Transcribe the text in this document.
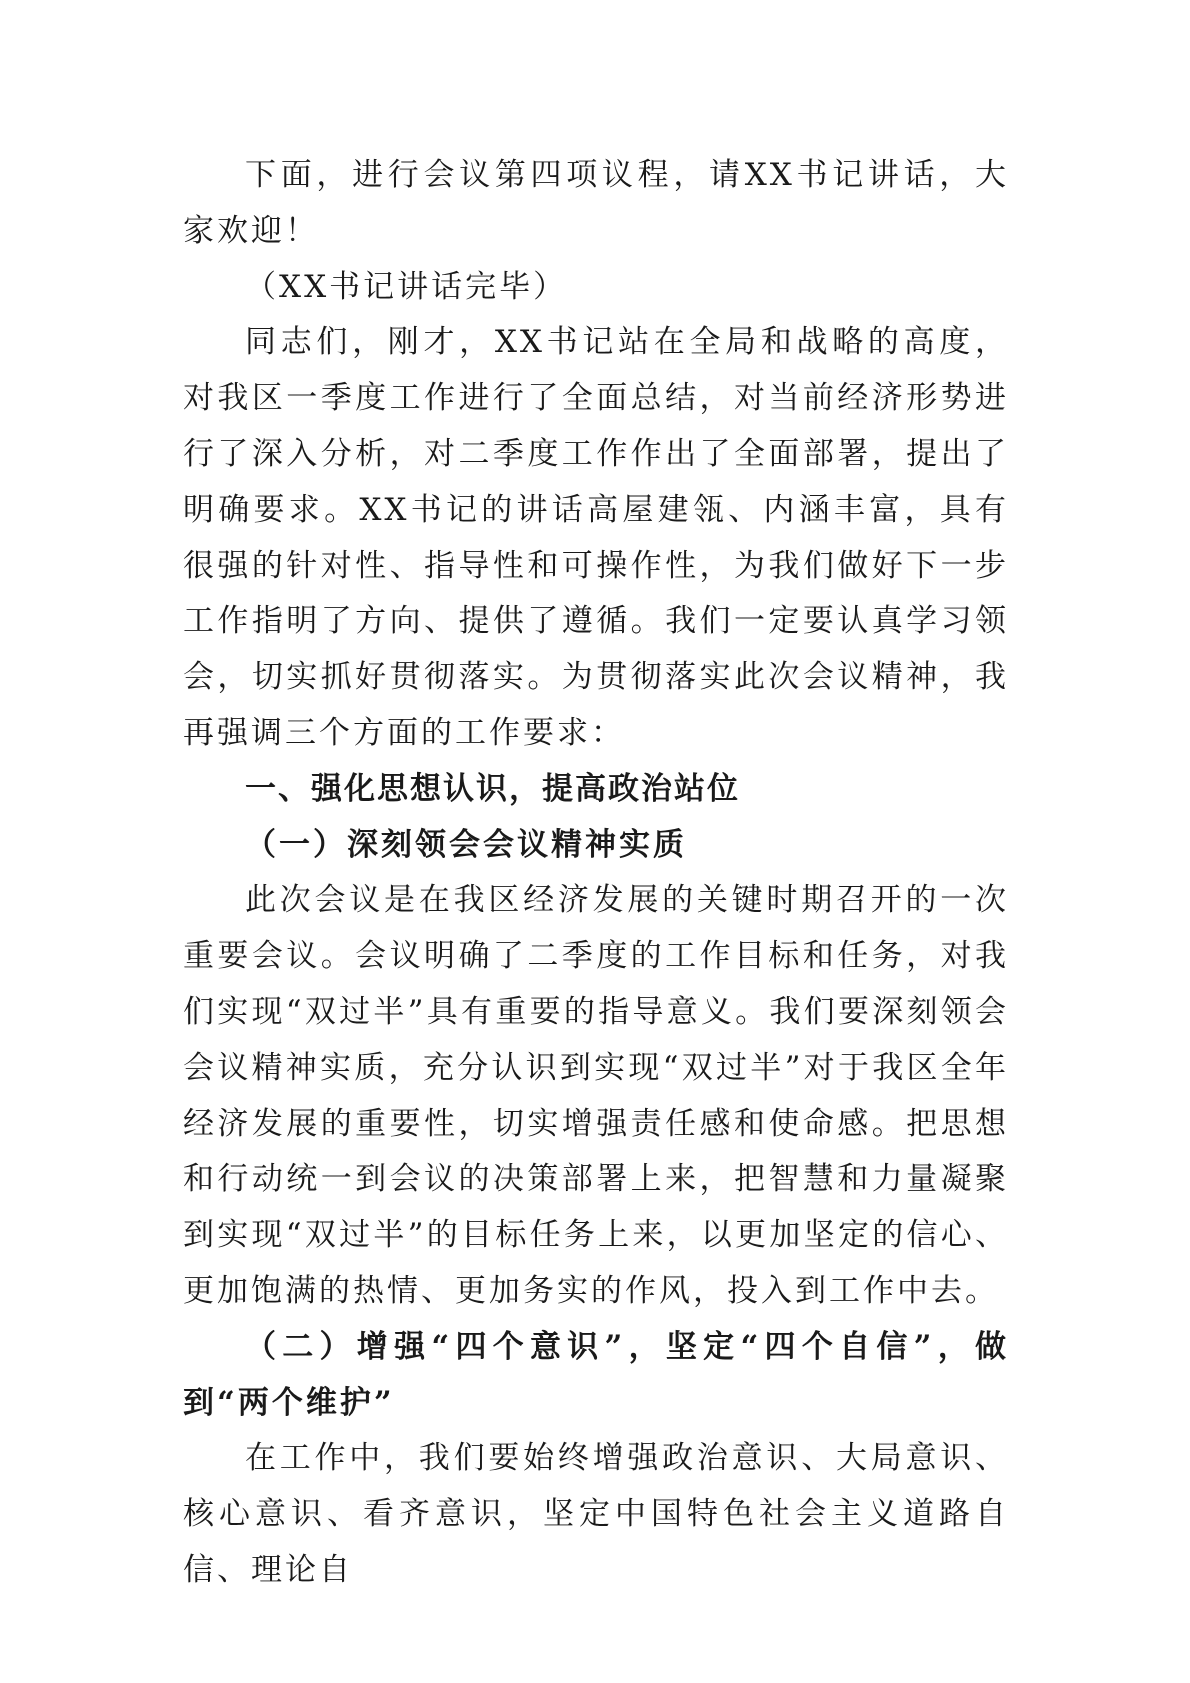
下面，进行会议第四项议程，请XX书记讲话，大家欢迎！

（XX书记讲话完毕）

同志们，刚才，XX书记站在全局和战略的高度，对我区一季度工作进行了全面总结，对当前经济形势进行了深入分析，对二季度工作作出了全面部署，提出了明确要求。XX书记的讲话高屋建瓴、内涵丰富，具有很强的针对性、指导性和可操作性，为我们做好下一步工作指明了方向、提供了遵循。我们一定要认真学习领会，切实抓好贯彻落实。为贯彻落实此次会议精神，我再强调三个方面的工作要求：

一、强化思想认识，提高政治站位
（一）深刻领会会议精神实质

此次会议是在我区经济发展的关键时期召开的一次重要会议。会议明确了二季度的工作目标和任务，对我们实现“双过半”具有重要的指导意义。我们要深刻领会会议精神实质，充分认识到实现“双过半”对于我区全年经济发展的重要性，切实增强责任感和使命感。把思想和行动统一到会议的决策部署上来，把智慧和力量凝聚到实现“双过半”的目标任务上来，以更加坚定的信心、更加饱满的热情、更加务实的作风，投入到工作中去。

（二）增强“四个意识”，坚定“四个自信”，做到“两个维护”

在工作中，我们要始终增强政治意识、大局意识、核心意识、看齐意识，坚定中国特色社会主义道路自信、理论自
